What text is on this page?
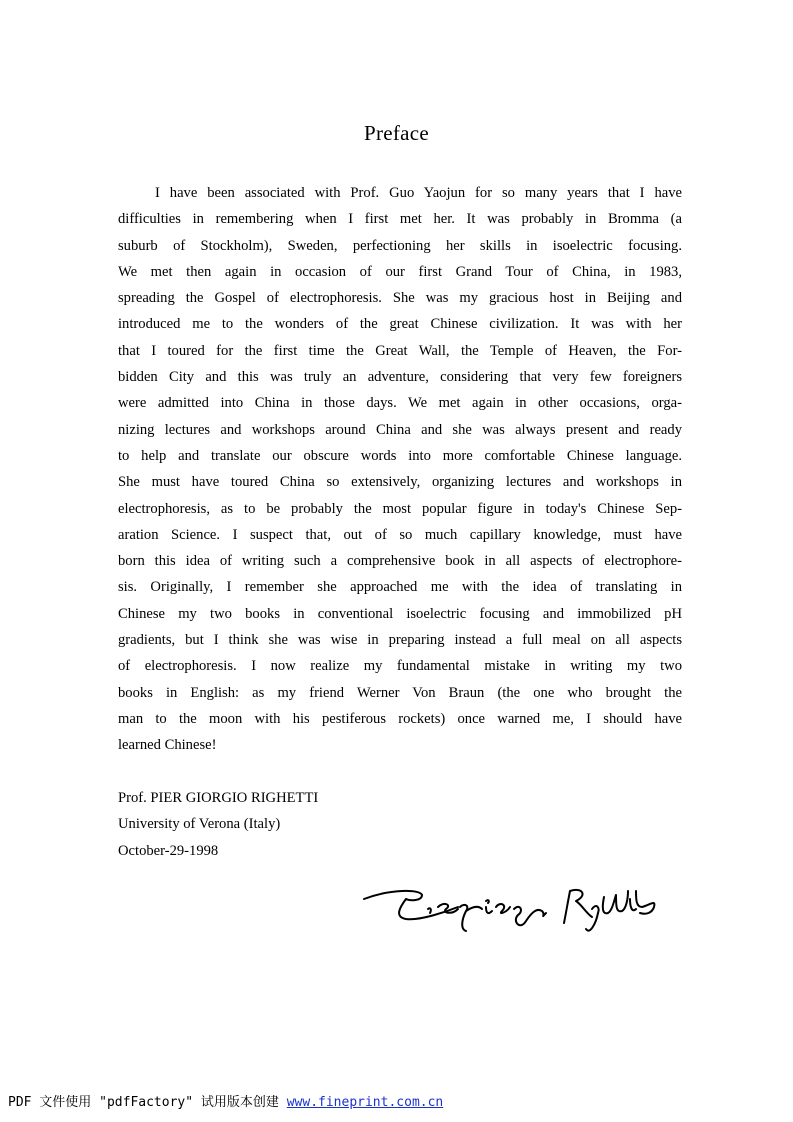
Preface
I have been associated with Prof. Guo Yaojun for so many years that I have
difficulties in remembering when I first met her. It was probably in Bromma (a
suburb of Stockholm), Sweden, perfectioning her skills in isoelectric focusing.
We met then again in occasion of our first Grand Tour of China, in 1983,
spreading the Gospel of electrophoresis. She was my gracious host in Beijing and
introduced me to the wonders of the great Chinese civilization. It was with her
that I toured for the first time the Great Wall, the Temple of Heaven, the For-
bidden City and this was truly an adventure, considering that very few foreigners
were admitted into China in those days. We met again in other occasions, orga-
nizing lectures and workshops around China and she was always present and ready
to help and translate our obscure words into more comfortable Chinese language.
She must have toured China so extensively, organizing lectures and workshops in
electrophoresis, as to be probably the most popular figure in today's Chinese Sep-
aration Science. I suspect that, out of so much capillary knowledge, must have
born this idea of writing such a comprehensive book in all aspects of electrophore-
sis. Originally, I remember she approached me with the idea of translating in
Chinese my two books in conventional isoelectric focusing and immobilized pH
gradients, but I think she was wise in preparing instead a full meal on all aspects
of electrophoresis. I now realize my fundamental mistake in writing my two
books in English: as my friend Werner Von Braun (the one who brought the
man to the moon with his pestiferous rockets) once warned me, I should have
learned Chinese!
Prof. PIER GIORGIO RIGHETTI
University of Verona (Italy)
October-29-1998
PDF 文件使用 "pdfFactory" 试用版本创建 www.fineprint.com.cn
